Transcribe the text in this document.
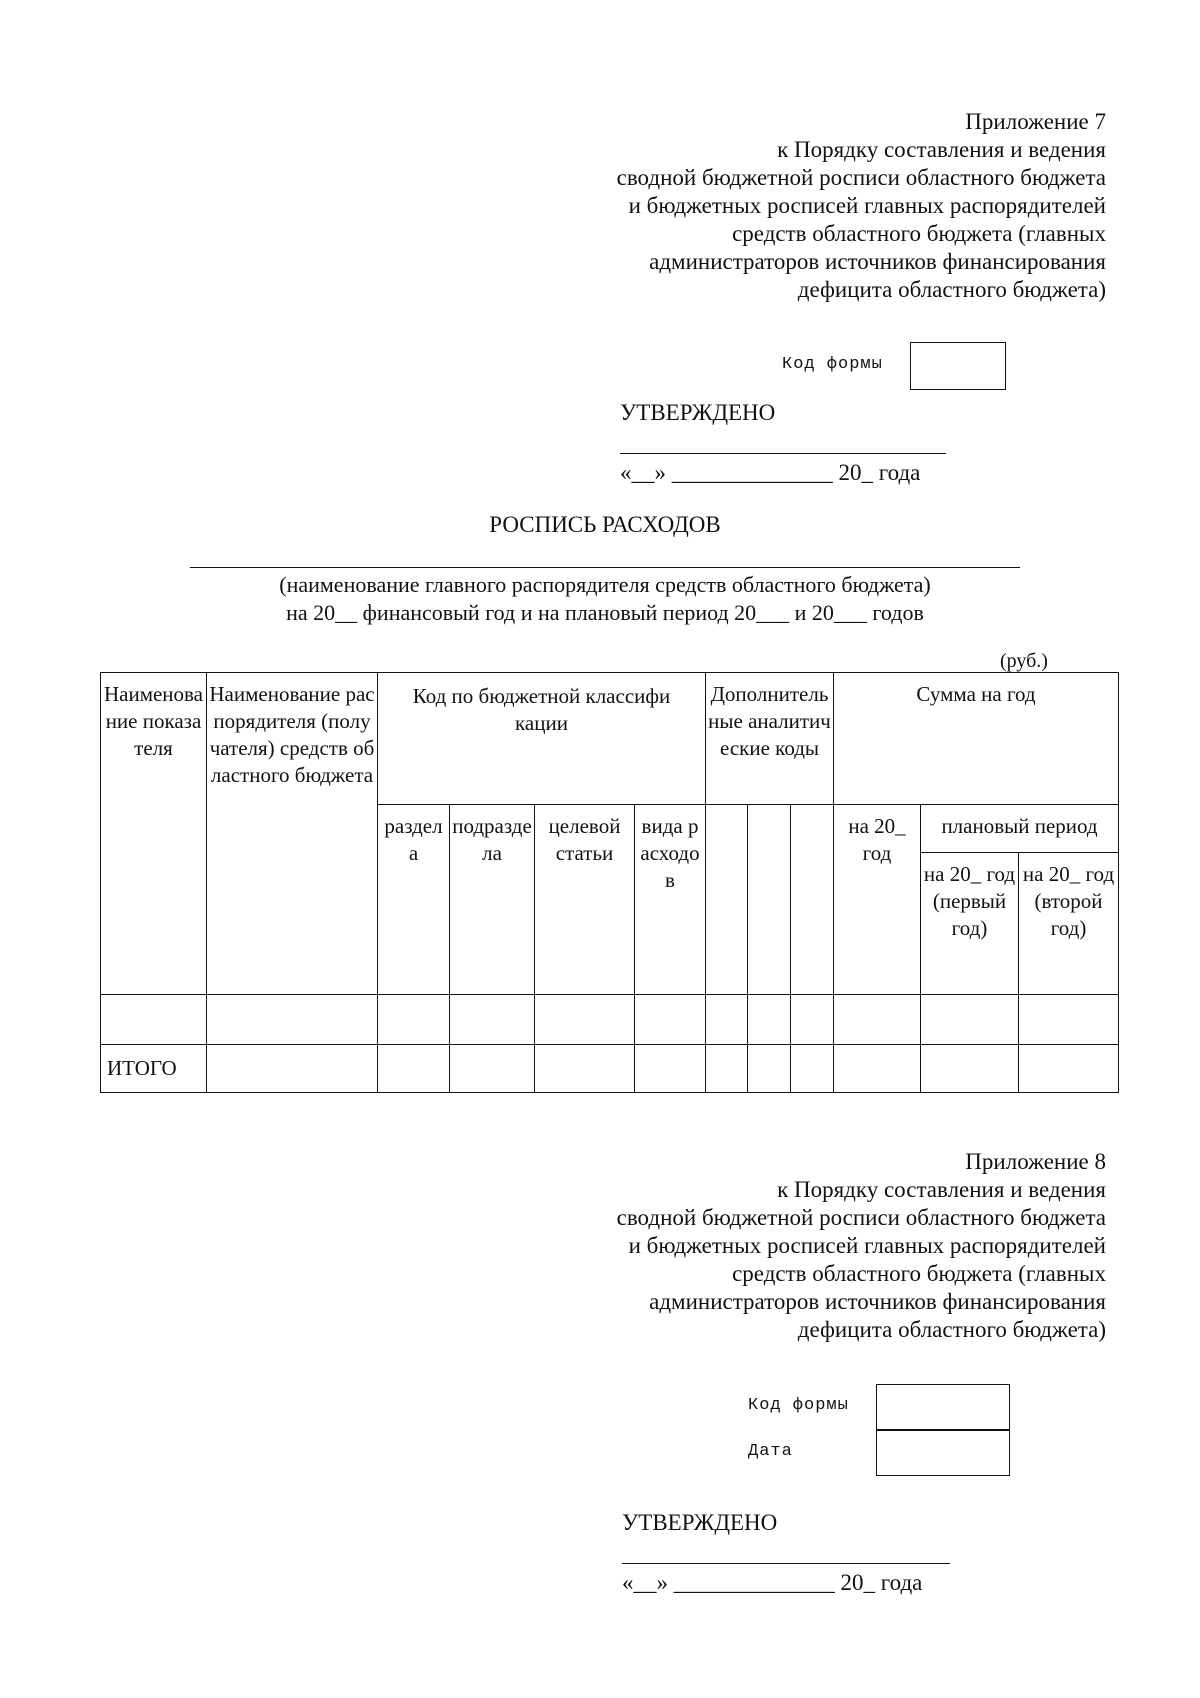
Приложение 7
к Порядку составления и ведения
сводной бюджетной росписи областного бюджета
и бюджетных росписей главных распорядителей
средств областного бюджета (главных
администраторов источников финансирования
дефицита областного бюджета)
Код формы
УТВЕРЖДЕНО
«__» ______________ 20_ года
РОСПИСЬ РАСХОДОВ
(наименование главного распорядителя средств областного бюджета)
на 20__ финансовый год и на плановый период 20___ и 20___ годов
(руб.)
Наименование показателя	Наименование распорядителя (получателя) средств областного бюджета	Код по бюджетной классификации				Дополнительные аналитические коды			Сумма на год		
		раздела	подраздела	целевой статьи	вида расходов				на 20_ год	плановый период	
										на 20_ год (первый год)	на 20_ год (второй год)

ИТОГО											
Приложение 8
к Порядку составления и ведения
сводной бюджетной росписи областного бюджета
и бюджетных росписей главных распорядителей
средств областного бюджета (главных
администраторов источников финансирования
дефицита областного бюджета)
Код формы
Дата
УТВЕРЖДЕНО
«__» ______________ 20_ года
